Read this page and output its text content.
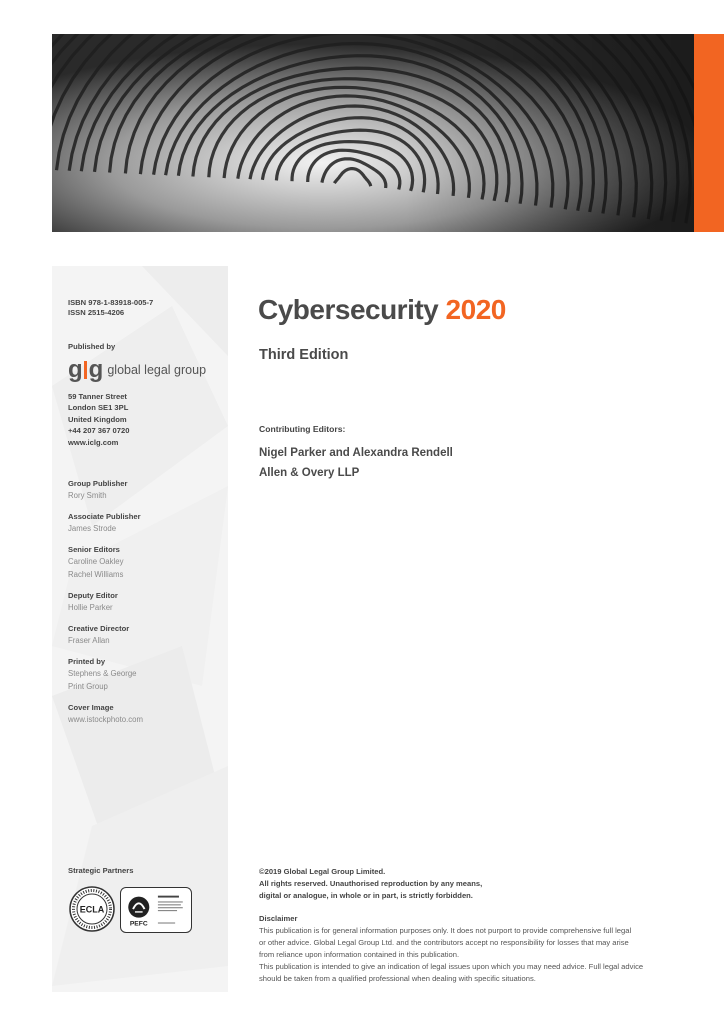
ISBN 978-1-83918-005-7
ISSN 2515-4206
Published by
g g global legal group
59 Tanner Street
London SE1 3PL
United Kingdom
+44 207 367 0720
www.iclg.com
Group Publisher
Rory Smith
Associate Publisher
James Strode
Senior Editors
Caroline Oakley
Rachel Williams
Deputy Editor
Hollie Parker
Creative Director
Fraser Allan
Printed by
Stephens & George
Print Group
Cover Image
www.istockphoto.com
Strategic Partners
ECLA
PEFC
Cybersecurity 2020
Third Edition
Contributing Editors:
Nigel Parker and Alexandra Rendell
Allen & Overy LLP
©2019 Global Legal Group Limited.
All rights reserved. Unauthorised reproduction by any means,
digital or analogue, in whole or in part, is strictly forbidden.
Disclaimer
This publication is for general information purposes only. It does not purport to provide comprehensive full legal
or other advice. Global Legal Group Ltd. and the contributors accept no responsibility for losses that may arise
from reliance upon information contained in this publication.
This publication is intended to give an indication of legal issues upon which you may need advice. Full legal advice
should be taken from a qualified professional when dealing with specific situations.
